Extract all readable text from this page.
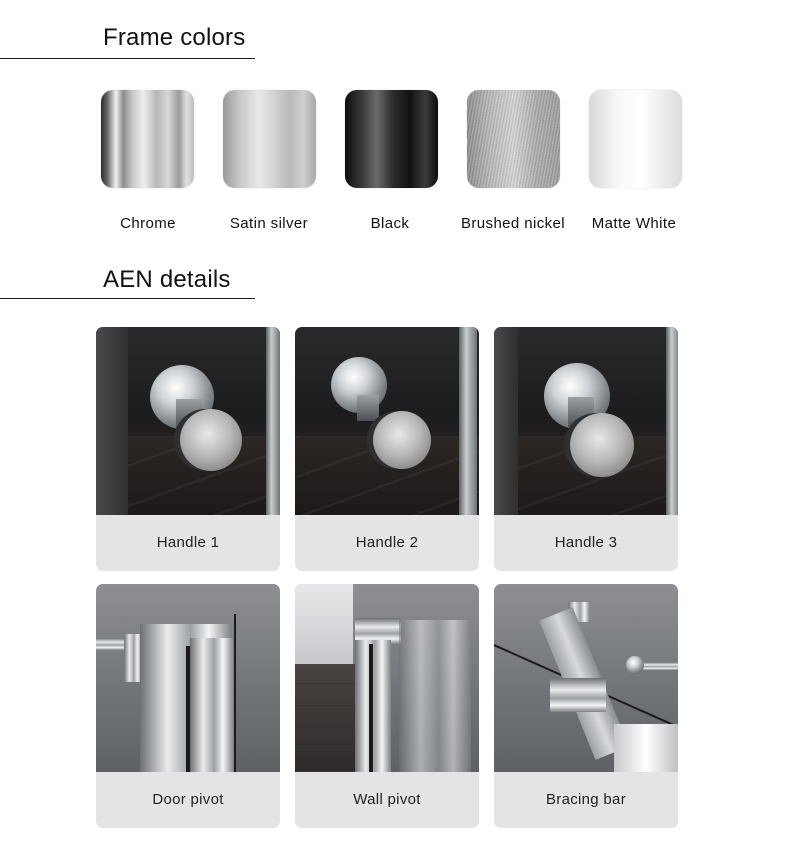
Frame colors
Chrome	Satin silver	Black	Brushed nickel	Matte White
AEN details
Handle 1	Handle 2	Handle 3
Door pivot	Wall pivot	Bracing bar
